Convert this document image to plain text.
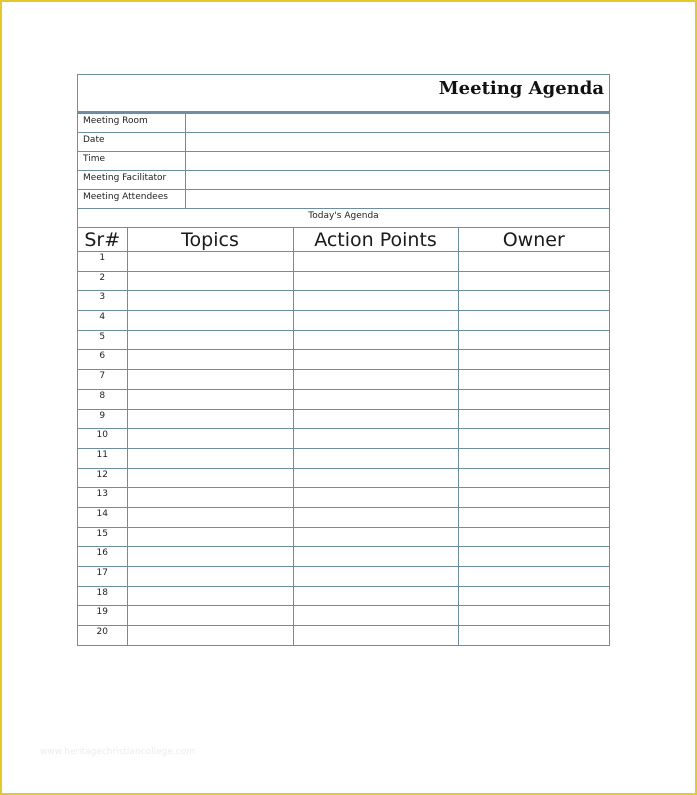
Meeting Agenda
Meeting Room	
Date	
Time	
Meeting Facilitator	
Meeting Attendees	
Today's Agenda
Sr#	Topics	Action Points	Owner
1			
2			
3			
4			
5			
6			
7			
8			
9			
10			
11			
12			
13			
14			
15			
16			
17			
18			
19			
20			
www.heritagechristiancollege.com
